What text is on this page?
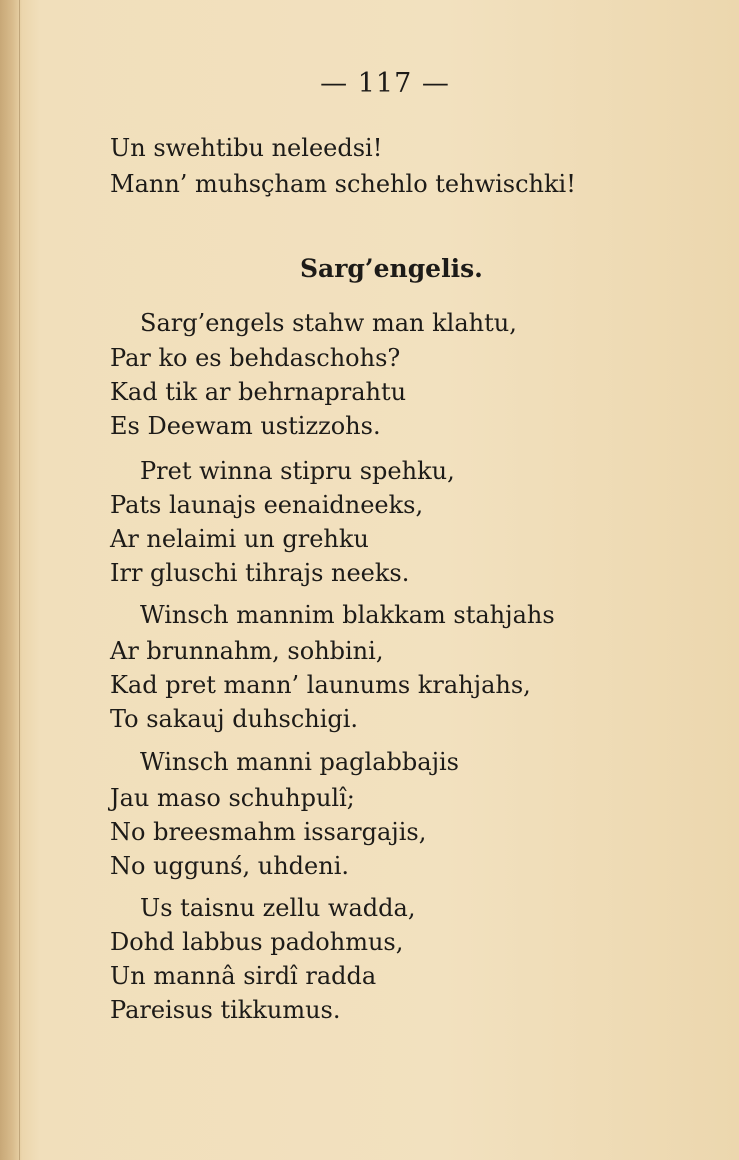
— 117 —
Un swehtibu neleedsi!
Mann’ muhsçham schehlo tehwischki!
Sarg’engelis.
Sarg’engels stahw man klahtu,
Par ko es behdaschohs?
Kad tik ar behrnaprahtu
Es Deewam ustizzohs.
Pret winna stipru spehku,
Pats launajs eenaidneeks,
Ar nelaimi un grehku
Irr gluschi tihrajs neeks.
Winsch mannim blakkam stahjahs
Ar brunnahm, sohbini,
Kad pret mann’ launums krahjahs,
To sakauj duhschigi.
Winsch manni paglabbajis
Jau maso schuhpulî;
No breesmahm issargajis,
No uggunś, uhdeni.
Us taisnu zellu wadda,
Dohd labbus padohmus,
Un mannâ sirdî radda
Pareisus tikkumus.
